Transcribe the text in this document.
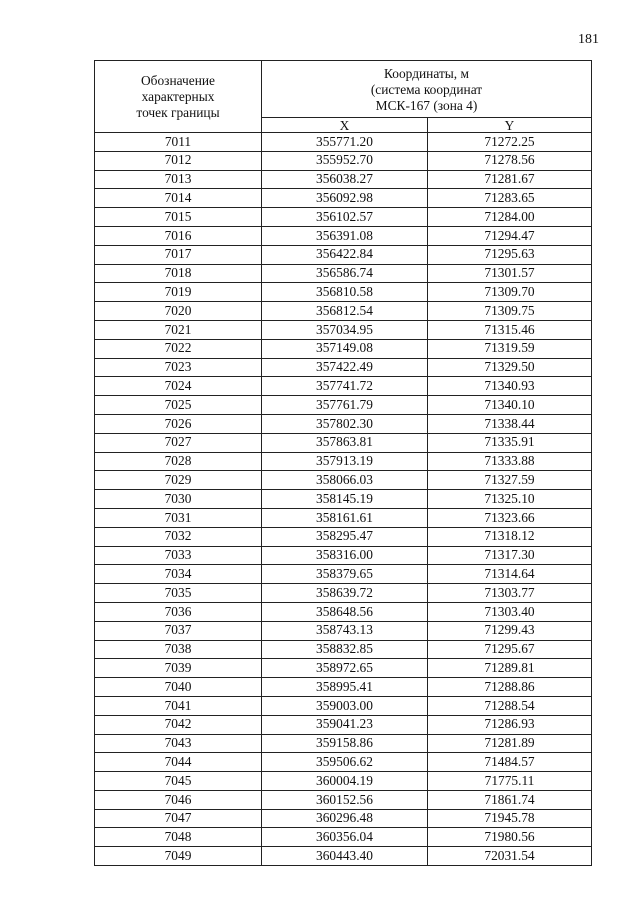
181
Обозначение
характерных
точек границы	Координаты, м
(система координат
МСК-167 (зона 4)	

	X	Y
7011	355771.20	71272.25
7012	355952.70	71278.56
7013	356038.27	71281.67
7014	356092.98	71283.65
7015	356102.57	71284.00
7016	356391.08	71294.47
7017	356422.84	71295.63
7018	356586.74	71301.57
7019	356810.58	71309.70
7020	356812.54	71309.75
7021	357034.95	71315.46
7022	357149.08	71319.59
7023	357422.49	71329.50
7024	357741.72	71340.93
7025	357761.79	71340.10
7026	357802.30	71338.44
7027	357863.81	71335.91
7028	357913.19	71333.88
7029	358066.03	71327.59
7030	358145.19	71325.10
7031	358161.61	71323.66
7032	358295.47	71318.12
7033	358316.00	71317.30
7034	358379.65	71314.64
7035	358639.72	71303.77
7036	358648.56	71303.40
7037	358743.13	71299.43
7038	358832.85	71295.67
7039	358972.65	71289.81
7040	358995.41	71288.86
7041	359003.00	71288.54
7042	359041.23	71286.93
7043	359158.86	71281.89
7044	359506.62	71484.57
7045	360004.19	71775.11
7046	360152.56	71861.74
7047	360296.48	71945.78
7048	360356.04	71980.56
7049	360443.40	72031.54
